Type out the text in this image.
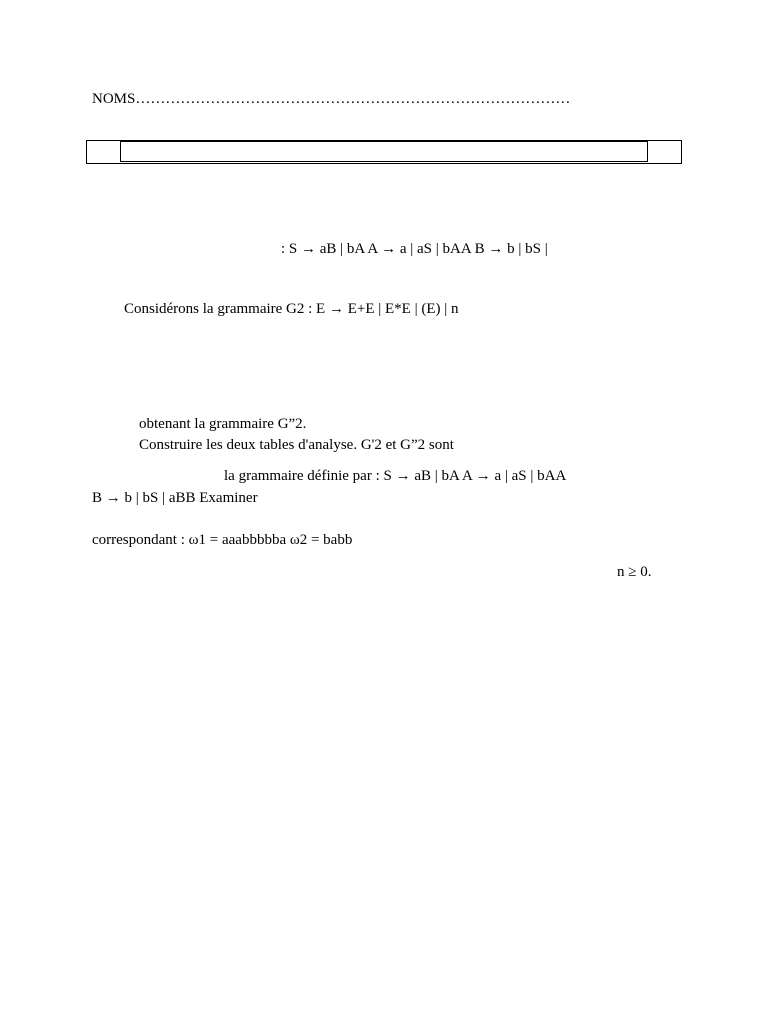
NOMS……………………………………………………………………………
: S → aB | bA A → a | aS | bAA B → b | bS |
Considérons la grammaire G2 : E → E+E | E*E | (E) | n
obtenant la grammaire G”2.
Construire les deux tables d'analyse. G'2 et G”2 sont
la grammaire définie par : S → aB | bA A → a | aS | bAA
B → b | bS | aBB Examiner
correspondant : ω1 = aaabbbbba ω2 = babb
n ≥ 0.
